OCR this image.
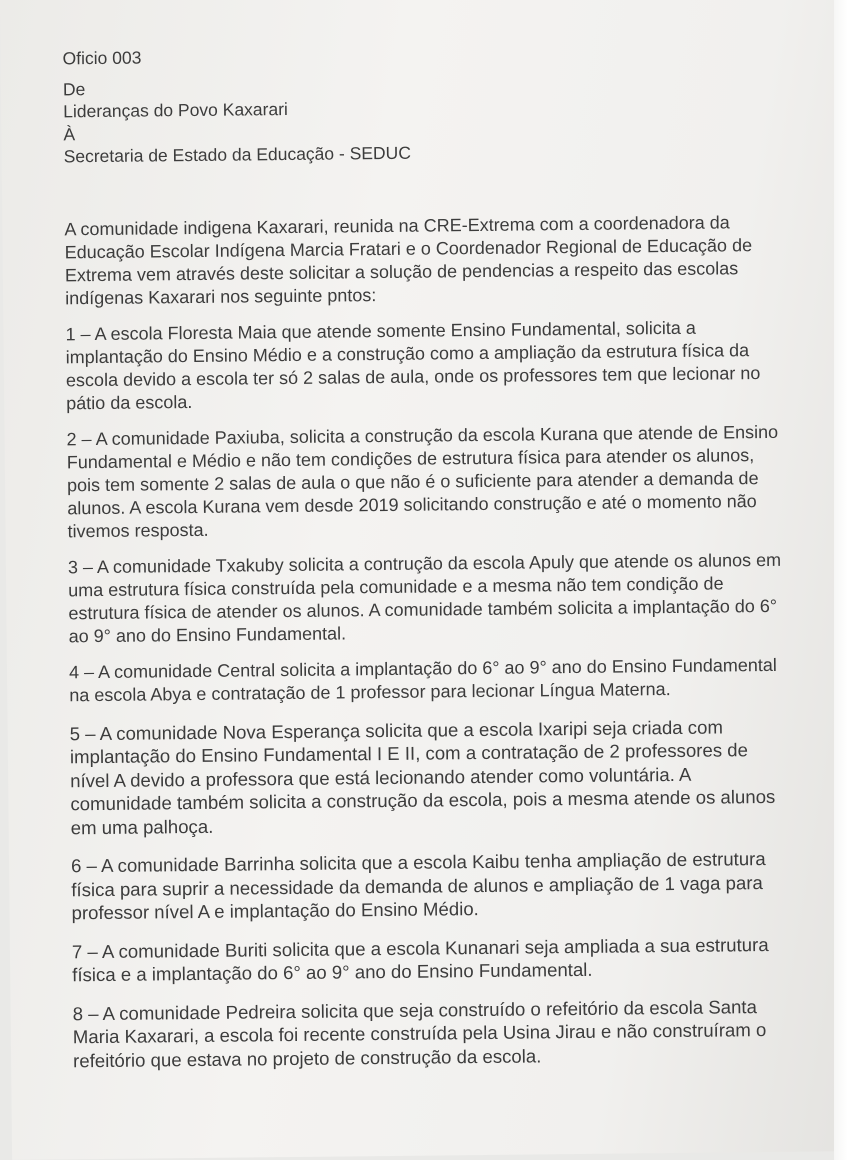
Oficio 003

De

Lideranças do Povo Kaxarari

À

Secretaria de Estado da Educação - SEDUC

A comunidade indigena Kaxarari, reunida na CRE-Extrema com a coordenadora da Educação Escolar Indígena Marcia Fratari e o Coordenador Regional de Educação de Extrema vem através deste solicitar a solução de pendencias a respeito das escolas indígenas Kaxarari nos seguinte pntos:

1 – A escola Floresta Maia que atende somente Ensino Fundamental, solicita a implantação do Ensino Médio e a construção como a ampliação da estrutura física da escola devido a escola ter só 2 salas de aula, onde os professores tem que lecionar no pátio da escola.

2 – A comunidade Paxiuba, solicita a construção da escola Kurana que atende de Ensino Fundamental e Médio e não tem condições de estrutura física para atender os alunos, pois tem somente 2 salas de aula o que não é o suficiente para atender a demanda de alunos. A escola Kurana vem desde 2019 solicitando construção e até o momento não tivemos resposta.

3 – A comunidade Txakuby solicita a contrução da escola Apuly que atende os alunos em uma estrutura física construída pela comunidade e a mesma não tem condição de estrutura física de atender os alunos. A comunidade também solicita a implantação do 6° ao 9° ano do Ensino Fundamental.

4 – A comunidade Central solicita a implantação do 6° ao 9° ano do Ensino Fundamental na escola Abya e contratação de 1 professor para lecionar Língua Materna.

5 – A comunidade Nova Esperança solicita que a escola Ixaripi seja criada com implantação do Ensino Fundamental I E II, com a contratação de 2 professores de nível A devido a professora que está lecionando atender como voluntária. A comunidade também solicita a construção da escola, pois a mesma atende os alunos em uma palhoça.

6 – A comunidade Barrinha solicita que a escola Kaibu tenha ampliação de estrutura física para suprir a necessidade da demanda de alunos e ampliação de 1 vaga para professor nível A e implantação do Ensino Médio.

7 – A comunidade Buriti solicita que a escola Kunanari seja ampliada a sua estrutura física e a implantação do 6° ao 9° ano do Ensino Fundamental.

8 – A comunidade Pedreira solicita que seja construído o refeitório da escola Santa Maria Kaxarari, a escola foi recente construída pela Usina Jirau e não construíram o refeitório que estava no projeto de construção da escola.
